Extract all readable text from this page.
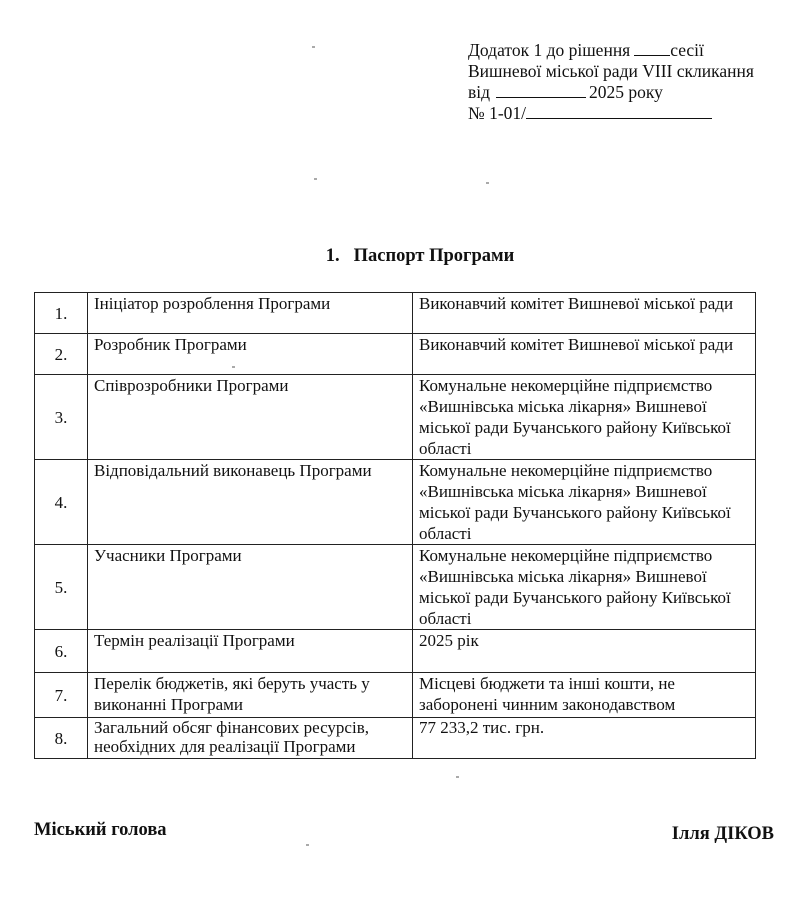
Додаток 1 до рішення сесії
Вишневої міської ради VIII скликання
від	2025 року
№ 1-01/
1. Паспорт Програми
1.	Ініціатор розроблення Програми	Виконавчий комітет Вишневої міської ради
2.	Розробник Програми	Виконавчий комітет Вишневої міської ради
3.	Співрозробники Програми	Комунальне некомерційне підприємство «Вишнівська міська лікарня» Вишневої міської ради Бучанського району Київської області
4.	Відповідальний виконавець Програми	Комунальне некомерційне підприємство «Вишнівська міська лікарня» Вишневої міської ради Бучанського району Київської області
5.	Учасники Програми	Комунальне некомерційне підприємство «Вишнівська міська лікарня» Вишневої міської ради Бучанського району Київської області
6.	Термін реалізації Програми	2025 рік
7.	Перелік бюджетів, які беруть участь у виконанні Програми	Місцеві бюджети та інші кошти, не заборонені чинним законодавством
8.	Загальний обсяг фінансових ресурсів, необхідних для реалізації Програми	77 233,2 тис. грн.
Міський голова	Ілля ДІКОВ
